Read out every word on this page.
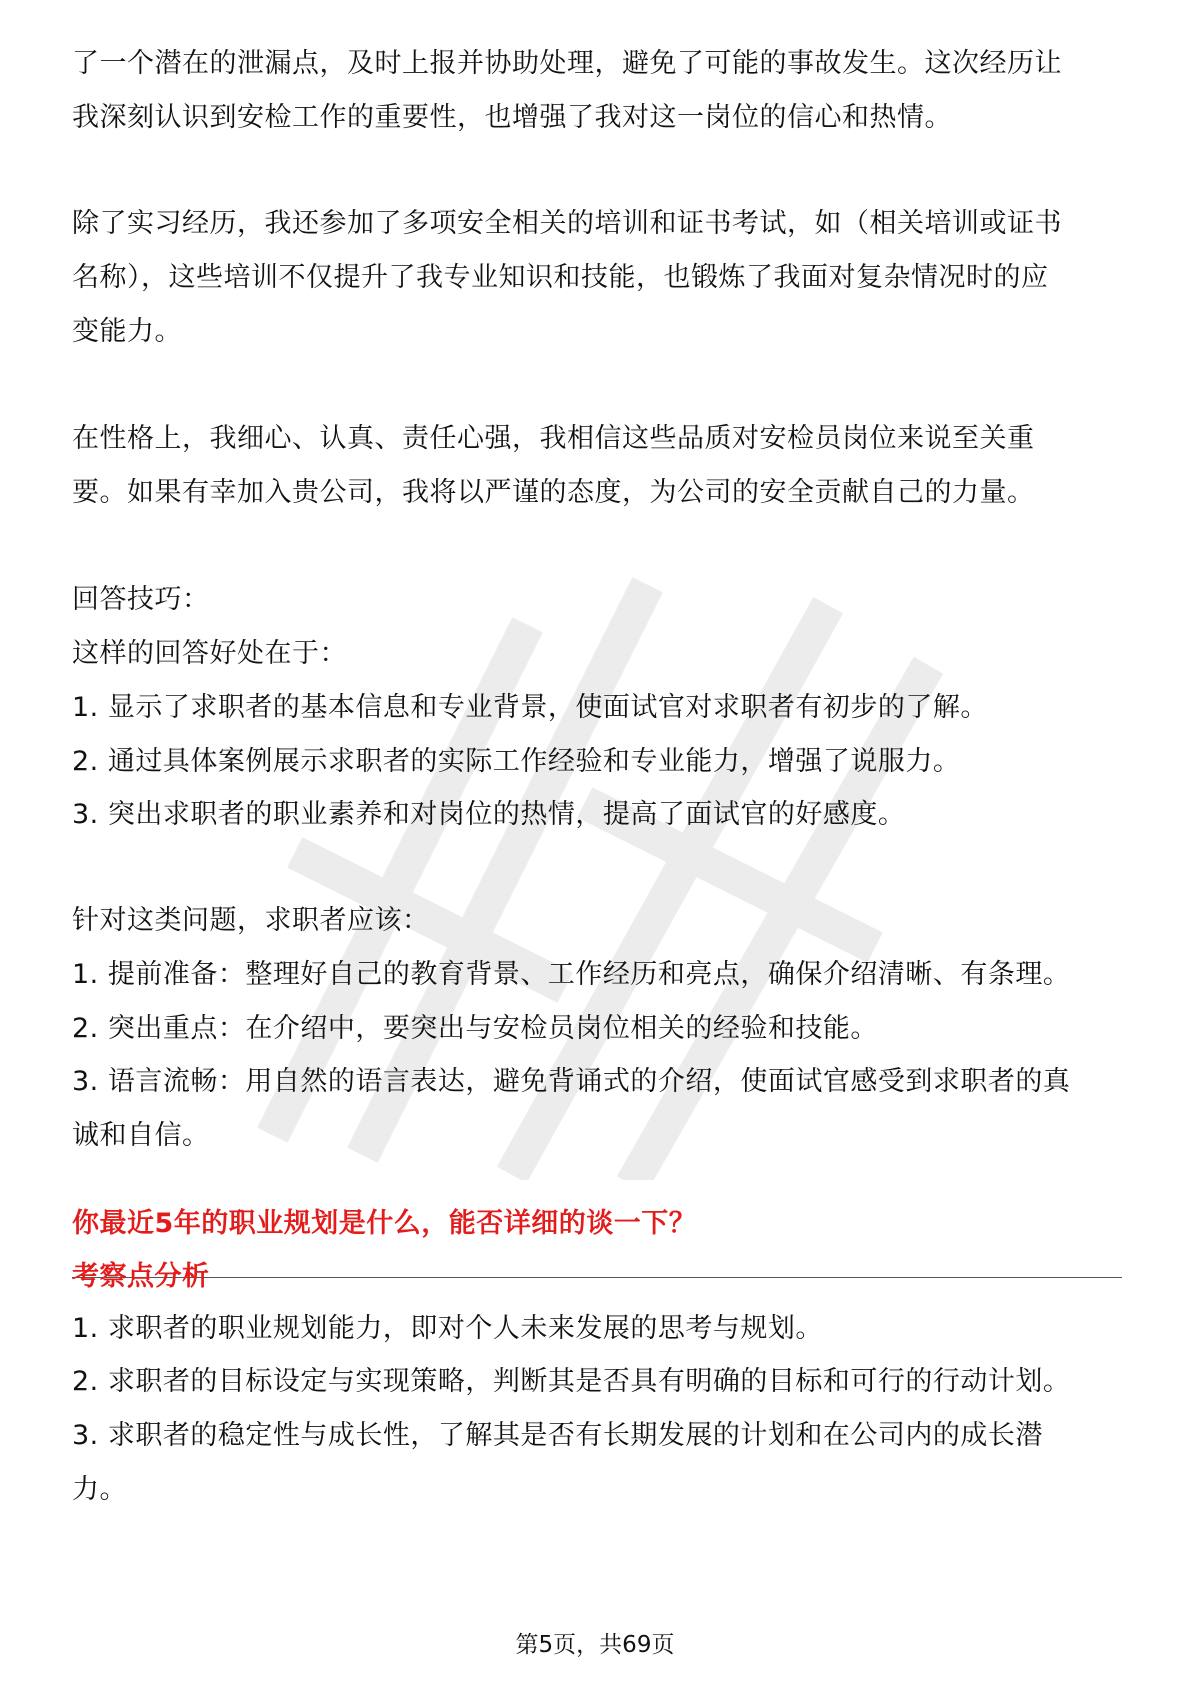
了一个潜在的泄漏点，及时上报并协助处理，避免了可能的事故发生。这次经历让
我深刻认识到安检工作的重要性，也增强了我对这一岗位的信心和热情。
除了实习经历，我还参加了多项安全相关的培训和证书考试，如（相关培训或证书
名称），这些培训不仅提升了我专业知识和技能，也锻炼了我面对复杂情况时的应
变能力。
在性格上，我细心、认真、责任心强，我相信这些品质对安检员岗位来说至关重
要。如果有幸加入贵公司，我将以严谨的态度，为公司的安全贡献自己的力量。
回答技巧：
这样的回答好处在于：
1. 显示了求职者的基本信息和专业背景，使面试官对求职者有初步的了解。
2. 通过具体案例展示求职者的实际工作经验和专业能力，增强了说服力。
3. 突出求职者的职业素养和对岗位的热情，提高了面试官的好感度。
针对这类问题，求职者应该：
1. 提前准备：整理好自己的教育背景、工作经历和亮点，确保介绍清晰、有条理。
2. 突出重点：在介绍中，要突出与安检员岗位相关的经验和技能。
3. 语言流畅：用自然的语言表达，避免背诵式的介绍，使面试官感受到求职者的真
诚和自信。
你最近5年的职业规划是什么，能否详细的谈一下？
考察点分析
1. 求职者的职业规划能力，即对个人未来发展的思考与规划。
2. 求职者的目标设定与实现策略，判断其是否具有明确的目标和可行的行动计划。
3. 求职者的稳定性与成长性，了解其是否有长期发展的计划和在公司内的成长潜
力。
第5页，共69页
